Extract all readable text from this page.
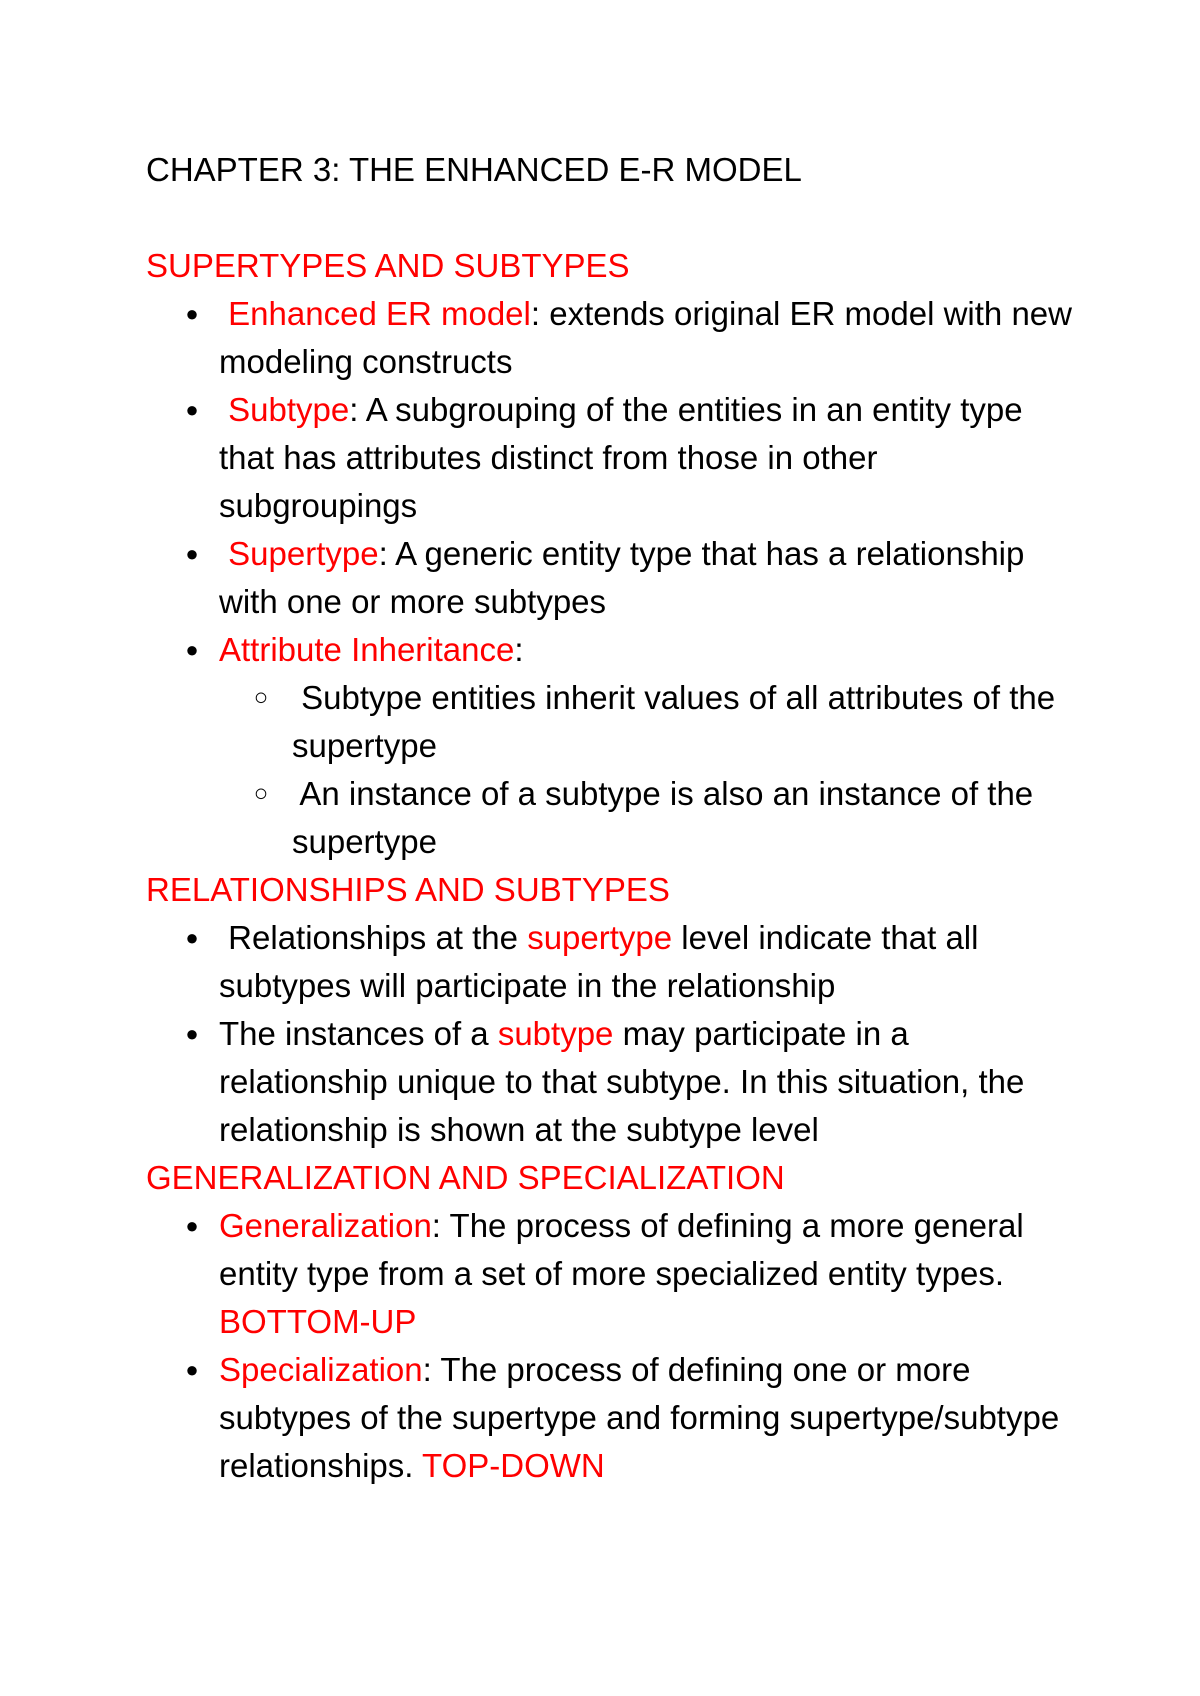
CHAPTER 3: THE ENHANCED E-R MODEL
SUPERTYPES AND SUBTYPES
● Enhanced ER model: extends original ER model with new modeling constructs
● Subtype: A subgrouping of the entities in an entity type that has attributes distinct from those in other subgroupings
● Supertype: A generic entity type that has a relationship with one or more subtypes
● Attribute Inheritance:
○ Subtype entities inherit values of all attributes of the supertype
○ An instance of a subtype is also an instance of the supertype
RELATIONSHIPS AND SUBTYPES
● Relationships at the supertype level indicate that all subtypes will participate in the relationship
● The instances of a subtype may participate in a relationship unique to that subtype. In this situation, the relationship is shown at the subtype level
GENERALIZATION AND SPECIALIZATION
● Generalization: The process of defining a more general entity type from a set of more specialized entity types. BOTTOM-UP
● Specialization: The process of defining one or more subtypes of the supertype and forming supertype/subtype relationships. TOP-DOWN
